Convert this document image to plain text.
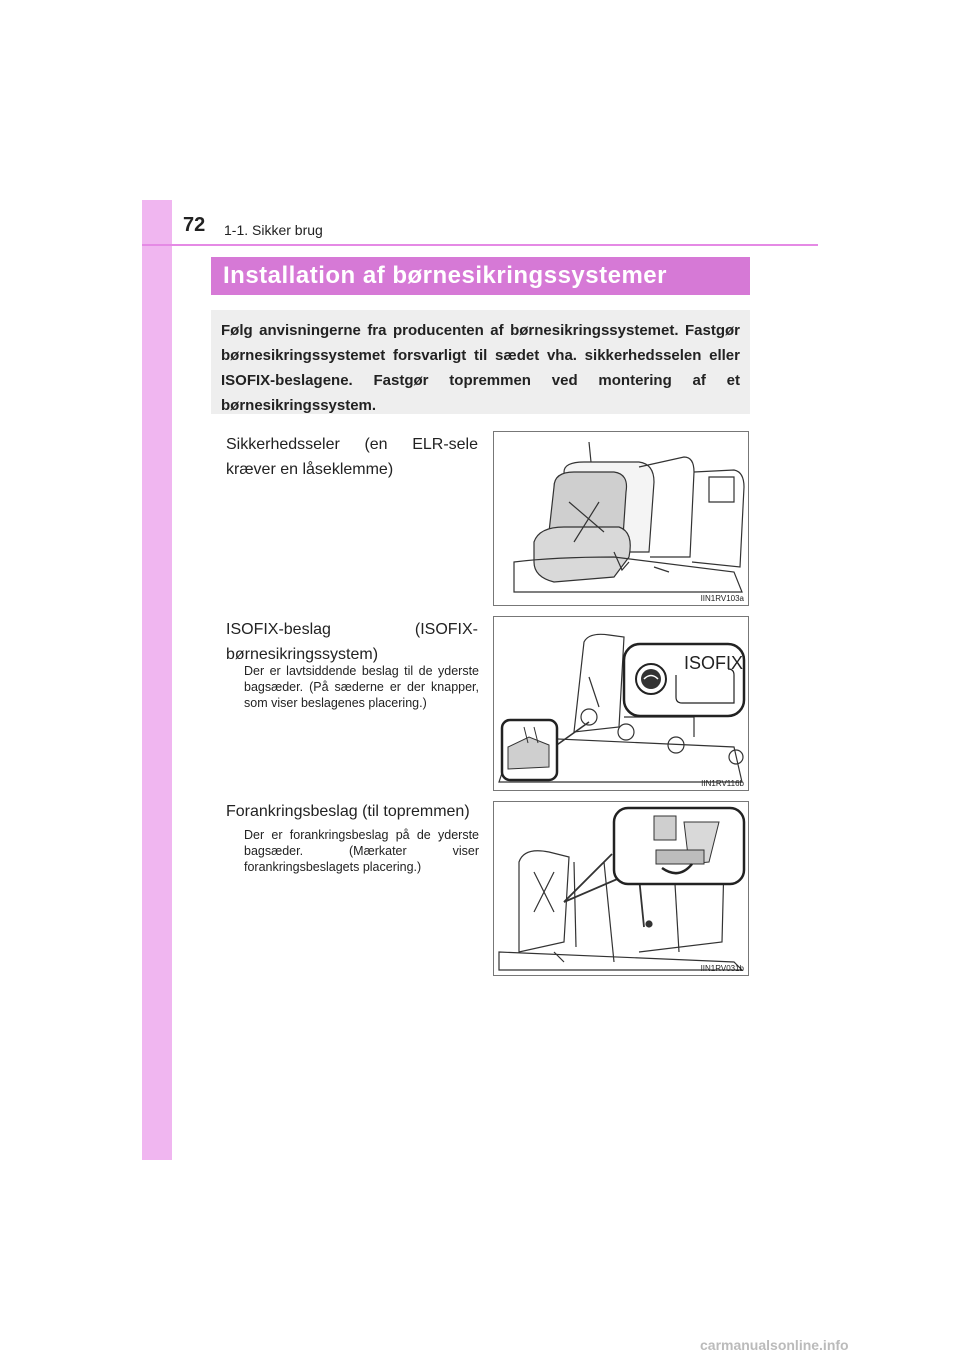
72 1-1. Sikker brug
Installation af børnesikringssystemer
Følg anvisningerne fra producenten af børnesikringssystemet. Fastgør børnesikringssystemet forsvarligt til sædet vha. sikkerhedsselen eller ISOFIX-beslagene. Fastgør topremmen ved montering af et børnesikringssystem.
Sikkerhedsseler (en ELR-sele kræver en låseklemme)
IIN1RV103a
ISOFIX-beslag (ISOFIX-børnesikringssystem)
Der er lavtsiddende beslag til de yderste bagsæder. (På sæderne er der knapper, som viser beslagenes placering.)
ISOFIX
IIN1RV116b
Forankringsbeslag (til topremmen)
Der er forankringsbeslag på de yderste bagsæder. (Mærkater viser forankringsbeslagets placering.)
IIN1RV031b
carmanualsonline.info
